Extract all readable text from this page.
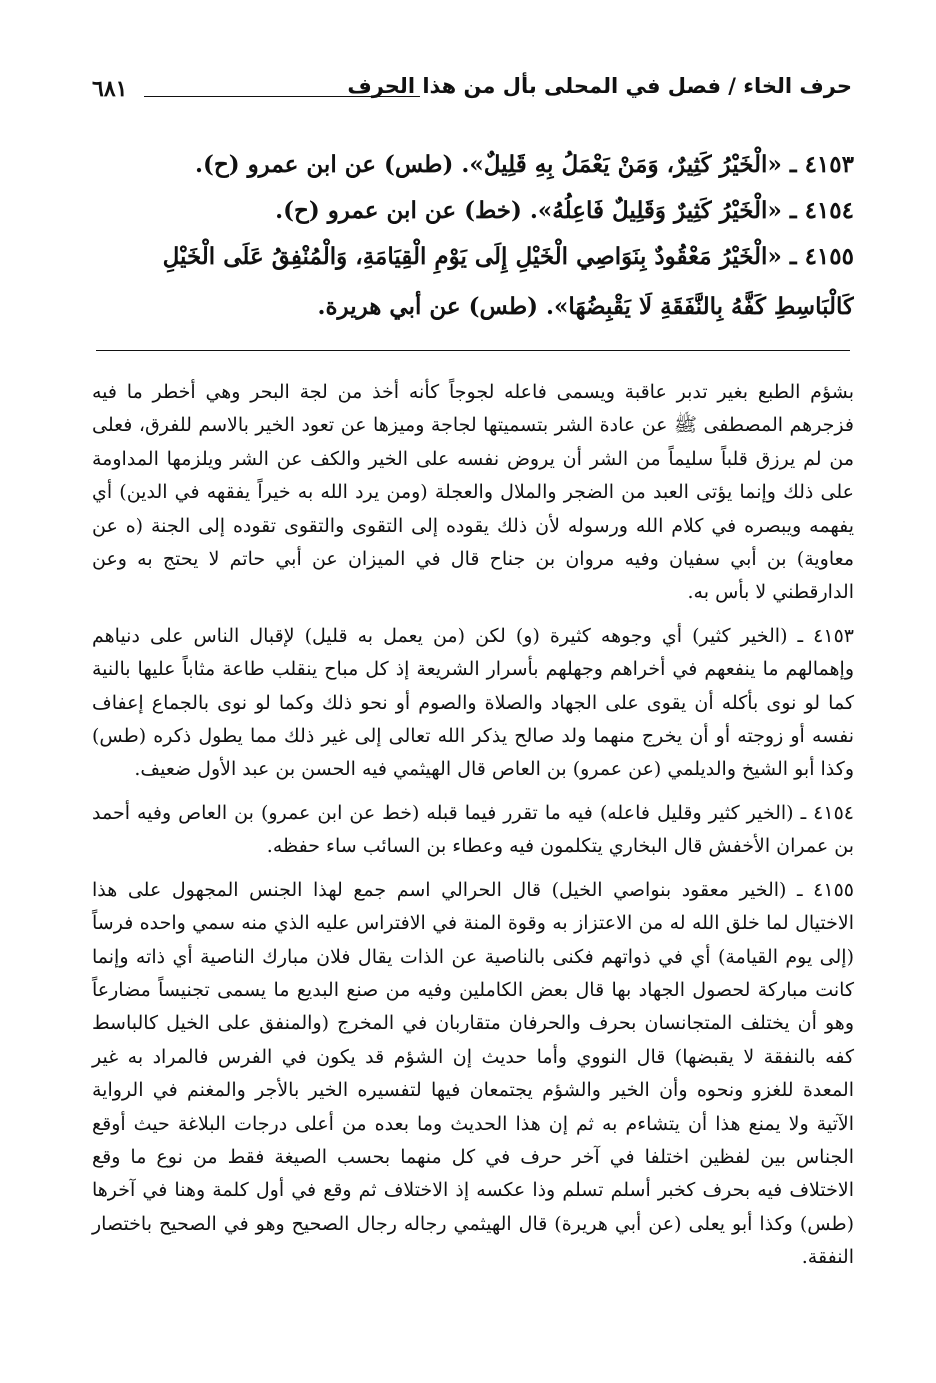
حرف الخاء / فصل في المحلى بأل من هذا الحرف
٦٨١
٤١٥٣ ـ «الْخَيْرُ كَثِيرٌ، وَمَنْ يَعْمَلُ بِهِ قَلِيلٌ». (طس) عن ابن عمرو (ح).
٤١٥٤ ـ «الْخَيْرُ كَثِيرٌ وَقَلِيلٌ فَاعِلُهُ». (خط) عن ابن عمرو (ح).
٤١٥٥ ـ «الْخَيْرُ مَعْقُودٌ بِنَوَاصِي الْخَيْلِ إِلَى يَوْمِ الْقِيَامَةِ، وَالْمُنْفِقُ عَلَى الْخَيْلِ
كَالْبَاسِطِ كَفَّهُ بِالنَّفَقَةِ لَا يَقْبِضُهَا». (طس) عن أبي هريرة.

بشؤم الطبع بغير تدبر عاقبة ويسمى فاعله لجوجاً كأنه أخذ من لجة البحر وهي أخطر ما فيه فزجرهم المصطفى ﷺ عن عادة الشر بتسميتها لجاجة وميزها عن تعود الخير بالاسم للفرق، فعلى من لم يرزق قلباً سليماً من الشر أن يروض نفسه على الخير والكف عن الشر ويلزمها المداومة على ذلك وإنما يؤتى العبد من الضجر والملال والعجلة (ومن يرد الله به خيراً يفقهه في الدين) أي يفهمه ويبصره في كلام الله ورسوله لأن ذلك يقوده إلى التقوى والتقوى تقوده إلى الجنة (ه عن معاوية) بن أبي سفيان وفيه مروان بن جناح قال في الميزان عن أبي حاتم لا يحتج به وعن الدارقطني لا بأس به.

٤١٥٣ ـ (الخير كثير) أي وجوهه كثيرة (و) لكن (من يعمل به قليل) لإقبال الناس على دنياهم وإهمالهم ما ينفعهم في أخراهم وجهلهم بأسرار الشريعة إذ كل مباح ينقلب طاعة مثاباً عليها بالنية كما لو نوى بأكله أن يقوى على الجهاد والصلاة والصوم أو نحو ذلك وكما لو نوى بالجماع إعفاف نفسه أو زوجته أو أن يخرج منهما ولد صالح يذكر الله تعالى إلى غير ذلك مما يطول ذكره (طس) وكذا أبو الشيخ والديلمي (عن عمرو) بن العاص قال الهيثمي فيه الحسن بن عبد الأول ضعيف.

٤١٥٤ ـ (الخير كثير وقليل فاعله) فيه ما تقرر فيما قبله (خط عن ابن عمرو) بن العاص وفيه أحمد بن عمران الأخفش قال البخاري يتكلمون فيه وعطاء بن السائب ساء حفظه.

٤١٥٥ ـ (الخير معقود بنواصي الخيل) قال الحرالي اسم جمع لهذا الجنس المجهول على هذا الاختيال لما خلق الله له من الاعتزاز به وقوة المنة في الافتراس عليه الذي منه سمي واحده فرساً (إلى يوم القيامة) أي في ذواتهم فكنى بالناصية عن الذات يقال فلان مبارك الناصية أي ذاته وإنما كانت مباركة لحصول الجهاد بها قال بعض الكاملين وفيه من صنع البديع ما يسمى تجنيساً مضارعاً وهو أن يختلف المتجانسان بحرف والحرفان متقاربان في المخرج (والمنفق على الخيل كالباسط كفه بالنفقة لا يقبضها) قال النووي وأما حديث إن الشؤم قد يكون في الفرس فالمراد به غير المعدة للغزو ونحوه وأن الخير والشؤم يجتمعان فيها لتفسيره الخير بالأجر والمغنم في الرواية الآتية ولا يمنع هذا أن يتشاءم به ثم إن هذا الحديث وما بعده من أعلى درجات البلاغة حيث أوقع الجناس بين لفظين اختلفا في آخر حرف في كل منهما بحسب الصيغة فقط من نوع ما وقع الاختلاف فيه بحرف كخبر أسلم تسلم وذا عكسه إذ الاختلاف ثم وقع في أول كلمة وهنا في آخرها (طس) وكذا أبو يعلى (عن أبي هريرة) قال الهيثمي رجاله رجال الصحيح وهو في الصحيح باختصار النفقة.
